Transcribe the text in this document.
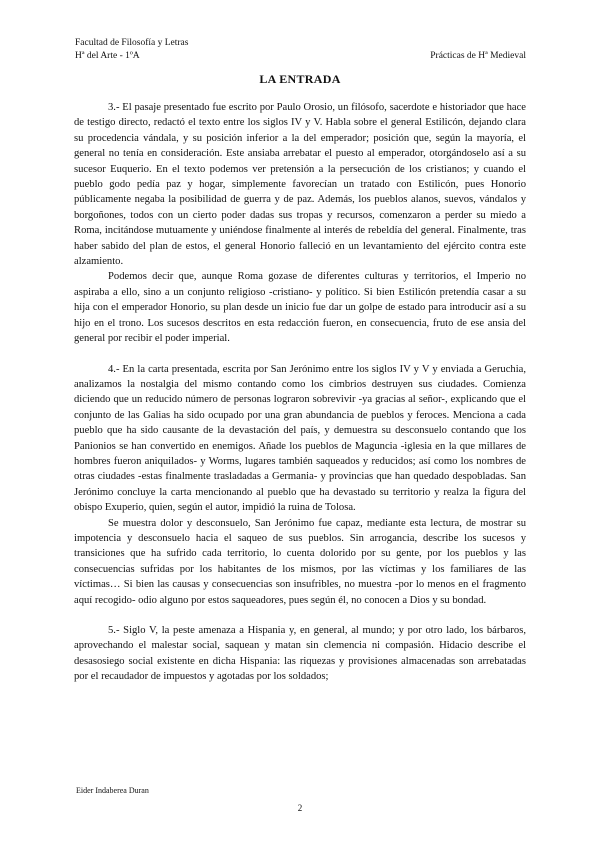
Facultad de Filosofía y Letras
Hª del Arte - 1ºA	Prácticas de Hª Medieval
LA ENTRADA

3.- El pasaje presentado fue escrito por Paulo Orosio, un filósofo, sacerdote e historiador que hace de testigo directo, redactó el texto entre los siglos IV y V. Habla sobre el general Estilicón, dejando clara su procedencia vándala, y su posición inferior a la del emperador; posición que, según la mayoría, el general no tenía en consideración. Este ansiaba arrebatar el puesto al emperador, otorgándoselo así a su sucesor Euquerio. En el texto podemos ver pretensión a la persecución de los cristianos; y cuando el pueblo godo pedía paz y hogar, simplemente favorecían un tratado con Estilicón, pues Honorio públicamente negaba la posibilidad de guerra y de paz. Además, los pueblos alanos, suevos, vándalos y borgoñones, todos con un cierto poder dadas sus tropas y recursos, comenzaron a perder su miedo a Roma, incitándose mutuamente y uniéndose finalmente al interés de rebeldía del general. Finalmente, tras haber sabido del plan de estos, el general Honorio falleció en un levantamiento del ejército contra este alzamiento.

Podemos decir que, aunque Roma gozase de diferentes culturas y territorios, el Imperio no aspiraba a ello, sino a un conjunto religioso -cristiano- y político. Si bien Estilicón pretendía casar a su hija con el emperador Honorio, su plan desde un inicio fue dar un golpe de estado para introducir así a su hijo en el trono. Los sucesos descritos en esta redacción fueron, en consecuencia, fruto de ese ansia del general por recibir el poder imperial.

4.- En la carta presentada, escrita por San Jerónimo entre los siglos IV y V y enviada a Geruchia, analizamos la nostalgia del mismo contando como los cimbrios destruyen sus ciudades. Comienza diciendo que un reducido número de personas lograron sobrevivir -ya gracias al señor-, explicando que el conjunto de las Galias ha sido ocupado por una gran abundancia de pueblos y feroces. Menciona a cada pueblo que ha sido causante de la devastación del país, y demuestra su desconsuelo contando que los Panionios se han convertido en enemigos. Añade los pueblos de Maguncia -iglesia en la que millares de hombres fueron aniquilados- y Worms, lugares también saqueados y reducidos; así como los nombres de otras ciudades -estas finalmente trasladadas a Germania- y provincias que han quedado despobladas. San Jerónimo concluye la carta mencionando al pueblo que ha devastado su territorio y realza la figura del obispo Exuperio, quien, según el autor, impidió la ruina de Tolosa.

Se muestra dolor y desconsuelo, San Jerónimo fue capaz, mediante esta lectura, de mostrar su impotencia y desconsuelo hacia el saqueo de sus pueblos. Sin arrogancia, describe los sucesos y transiciones que ha sufrido cada territorio, lo cuenta dolorido por su gente, por los pueblos y las consecuencias sufridas por los habitantes de los mismos, por las víctimas y los familiares de las víctimas… Si bien las causas y consecuencias son insufribles, no muestra -por lo menos en el fragmento aquí recogido- odio alguno por estos saqueadores, pues según él, no conocen a Dios y su bondad.

5.- Siglo V, la peste amenaza a Hispania y, en general, al mundo; y por otro lado, los bárbaros, aprovechando el malestar social, saquean y matan sin clemencia ni compasión. Hidacio describe el desasosiego social existente en dicha Hispania: las riquezas y provisiones almacenadas son arrebatadas por el recaudador de impuestos y agotadas por los soldados;

Eider Indaberea Duran
2
